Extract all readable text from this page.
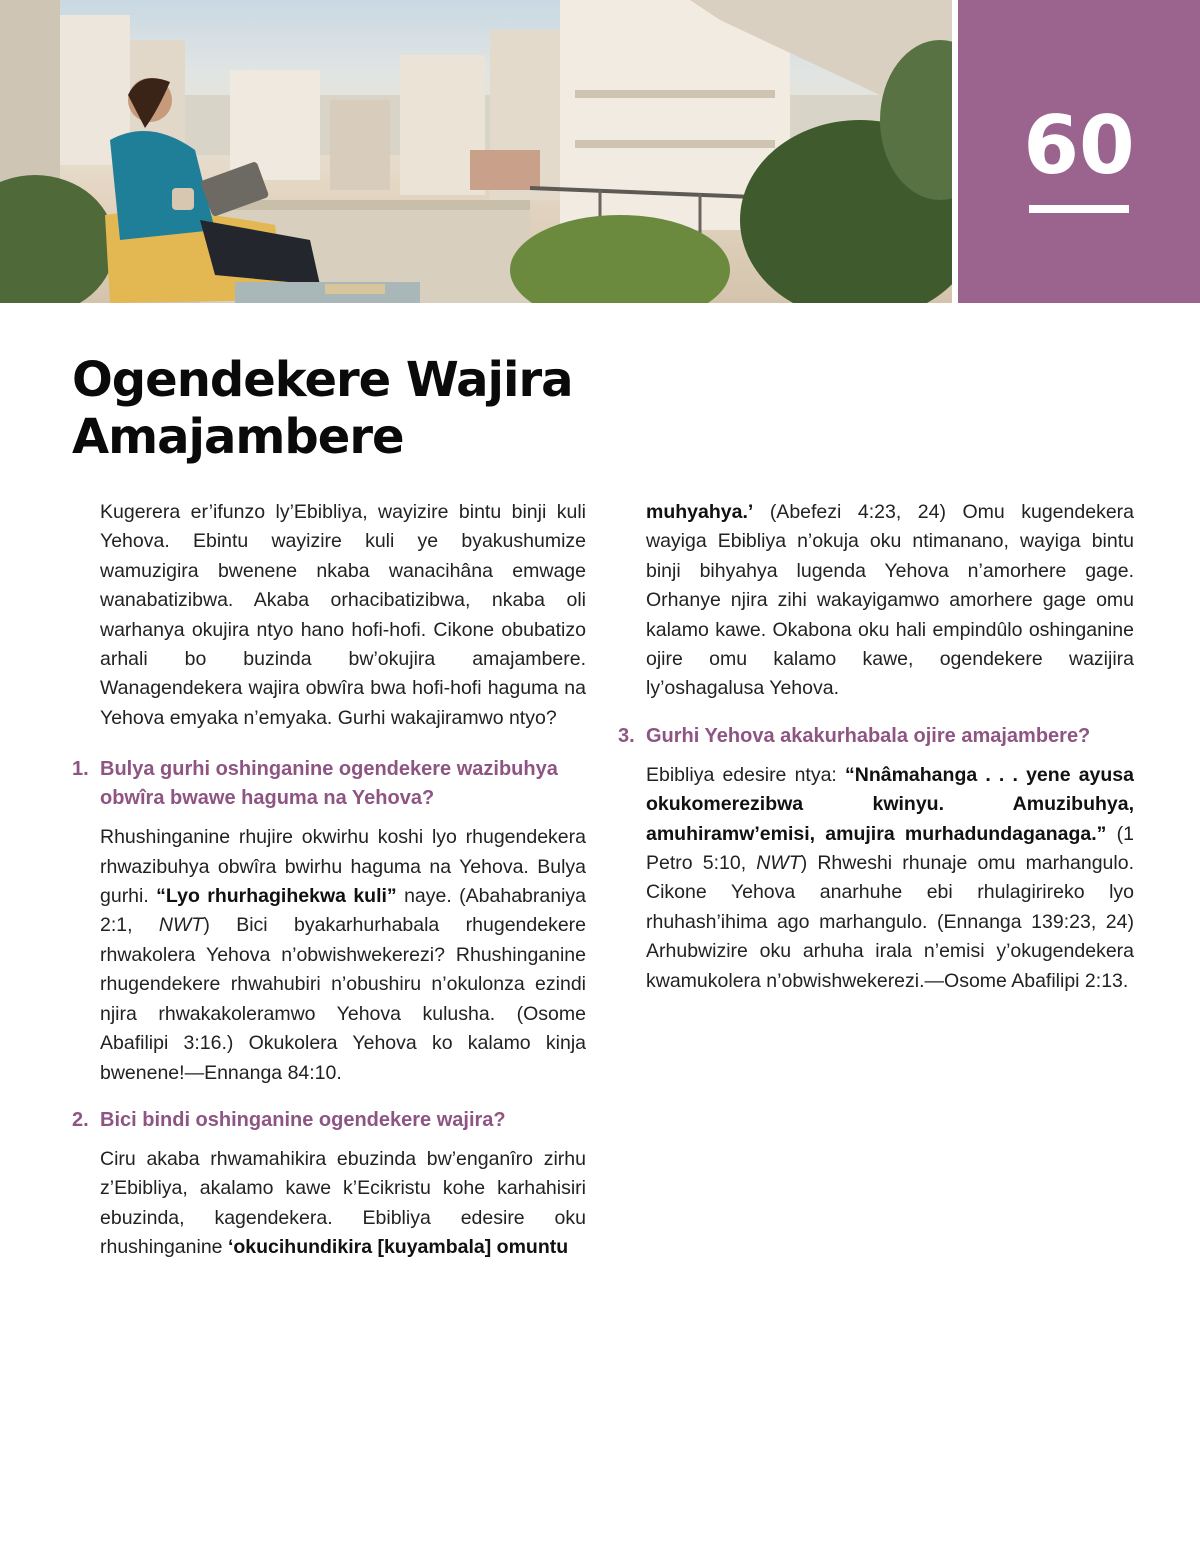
60
Ogendekere Wajira
Amajambere

Kugerera er’ifunzo ly’Ebibliya, wayizire bintu binji kuli Yehova. Ebintu wayizire kuli ye byakushumize wamuzigira bwenene nkaba wanacihâna emwage wanabatizibwa. Akaba orhacibatizibwa, nkaba oli warhanya okujira ntyo hano hofi-hofi. Cikone obubatizo arhali bo buzinda bw’okujira amajambere. Wanagendekera wajira obwîra bwa hofi-hofi haguma na Yehova emyaka n’emyaka. Gurhi wakajiramwo ntyo?

1. Bulya gurhi oshinganine ogendekere wazibuhya obwîra bwawe haguma na Yehova?

Rhushinganine rhujire okwirhu koshi lyo rhugendekera rhwazibuhya obwîra bwirhu haguma na Yehova. Bulya gurhi. “Lyo rhurhagihekwa kuli” naye. (Abahabraniya 2:1, NWT) Bici byakarhurhabala rhugendekere rhwakolera Yehova n’obwishwekerezi? Rhushinganine rhugendekere rhwahubiri n’obushiru n’okulonza ezindi njira rhwakakoleramwo Yehova kulusha. (Osome Abafilipi 3:16.) Okukolera Yehova ko kalamo kinja bwenene!—Ennanga 84:10.

2. Bici bindi oshinganine ogendekere wajira?

Ciru akaba rhwamahikira ebuzinda bw’enganîro zirhu z’Ebibliya, akalamo kawe k’Ecikristu kohe karhahisiri ebuzinda, kagendekera. Ebibliya edesire oku rhushinganine ‘okucihundikira [kuyambala] omuntu

muhyahya.’ (Abefezi 4:23, 24) Omu kugendekera wayiga Ebibliya n’okuja oku ntimanano, wayiga bintu binji bihyahya lugenda Yehova n’amorhere gage. Orhanye njira zihi wakayigamwo amorhere gage omu kalamo kawe. Okabona oku hali empindûlo oshinganine ojire omu kalamo kawe, ogendekere wazijira ly’oshagalusa Yehova.

3. Gurhi Yehova akakurhabala ojire amajambere?

Ebibliya edesire ntya: “Nnâmahanga . . . yene ayusa okukomerezibwa kwinyu. Amuzibuhya, amuhiramw’emisi, amujira murhadundaganaga.” (1 Petro 5:10, NWT) Rhweshi rhunaje omu marhangulo. Cikone Yehova anarhuhe ebi rhulagirireko lyo rhuhash’ihima ago marhangulo. (Ennanga 139:23, 24) Arhubwizire oku arhuha irala n’emisi y’okugendekera kwamukolera n’obwishwekerezi.—Osome Abafilipi 2:13.
